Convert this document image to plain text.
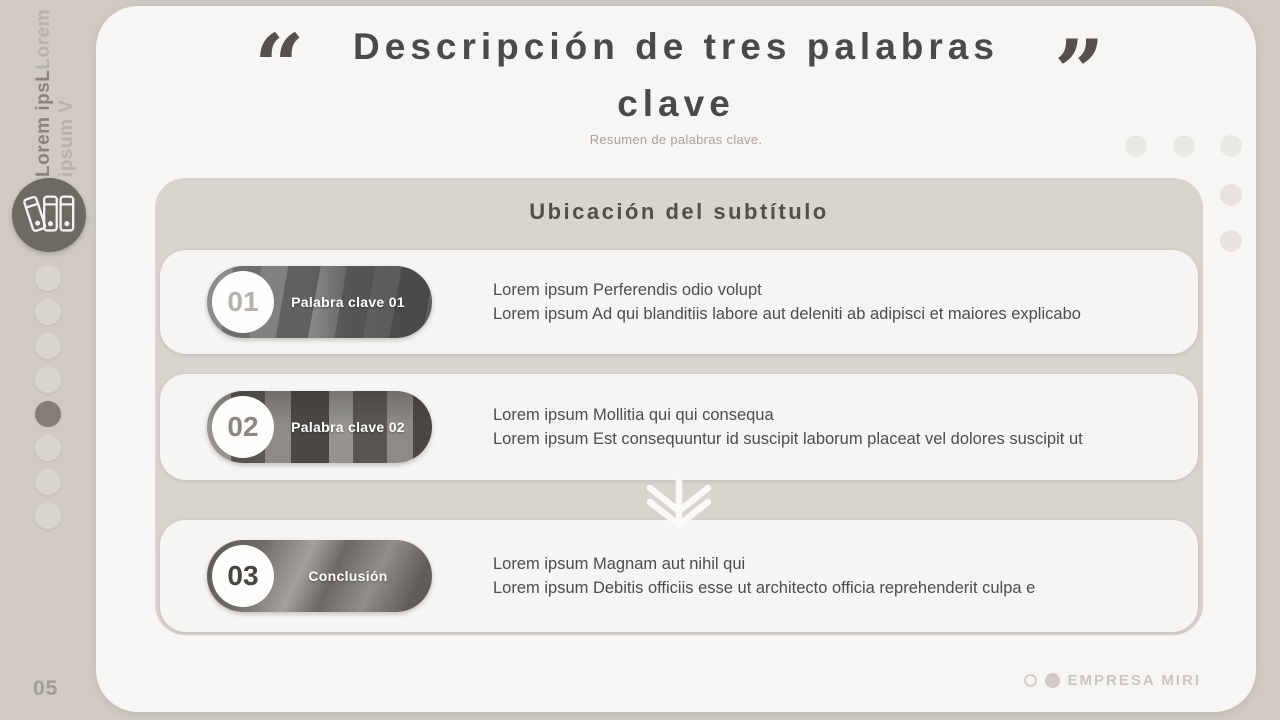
Lorem ipsLLorem
ipsum V
05
“	”
Descripción de tres palabras
clave

Resumen de palabras clave.

Ubicación del subtítulo
01	Palabra clave 01
Lorem ipsum Perferendis odio volupt
Lorem ipsum Ad qui blanditiis labore aut deleniti ab adipisci et maiores explicabo
02	Palabra clave 02
Lorem ipsum Mollitia qui qui consequa
Lorem ipsum Est consequuntur id suscipit laborum placeat vel dolores suscipit ut
03	Conclusión
Lorem ipsum Magnam aut nihil qui
Lorem ipsum Debitis officiis esse ut architecto officia reprehenderit culpa e
EMPRESA MIRI
